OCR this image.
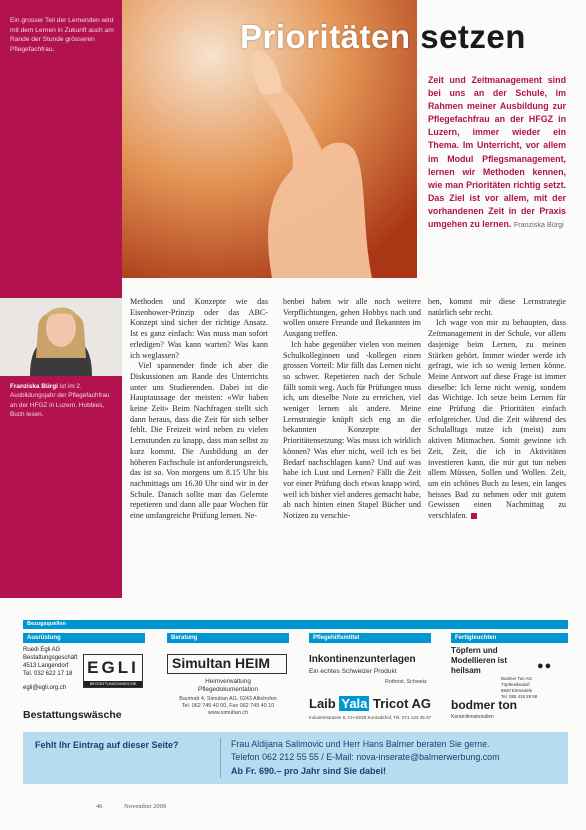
Ein grosser Teil der Lernenden wird mit dem Lernen in Zukunft auch am Rande der Stunde grösseren Pflegefachfrau.
Franziska Bürgi ist im 2. Ausbildungsjahr der Pflegefachfrau an der HFGZ in Luzern. Hobbies, Buch lesen.
Prioritäten setzen
Zeit und Zeitmanagement sind bei uns an der Schule, im Rahmen meiner Ausbildung zur Pflegefachfrau an der HFGZ in Luzern, immer wieder ein Thema. Im Unterricht, vor allem im Modul Pflegsmanagement, lernen wir Methoden kennen, wie man Prioritäten richtig setzt. Das Ziel ist vor allem, mit der vorhandenen Zeit in der Praxis umgehen zu lernen. Franziska Bürgi

Methoden und Konzepte wie das Eisenhower-Prinzip oder das ABC-Konzept sind sicher der richtige Ansatz. Ist es ganz einfach: Was muss man sofort erledigen? Was kann warten? Was kann ich weglassen?

Viel spannender finde ich aber die Diskussionen am Rande des Unterrichts unter uns Studierenden. Dabei ist die Hauptaussage der meisten: «Wir haben keine Zeit» Beim Nachfragen stellt sich dann heraus, dass die Zeit für sich selber fehlt. Die Freizeit wird neben zu vielen Lernstunden zu knapp, dass man selbst zu kurz kommt. Die Ausbildung an der höheren Fachschule ist anforderungsreich, das ist so. Von morgens um 8.15 Uhr bis nachmittags um 16.30 Uhr sind wir in der Schule. Danach sollte man das Gelernte repetieren und dann alle paar Wochen für eine umfangreiche Prüfung lernen. Ne-

benbei haben wir alle noch weitere Verpflichtungen, gehen Hobbys nach und wollen unsere Freunde und Bekannten im Ausgang treffen.

Ich habe gegenüber vielen von meinen Schulkolleginnen und -kollegen einen grossen Vorteil: Mir fällt das Lernen nicht so schwer. Repetieren nach der Schule fällt somit weg. Auch für Prüfungen muss ich, um dieselbe Note zu erreichen, viel weniger lernen als andere. Meine Lernstrategie knüpft sich eng an die bekannten Konzepte der Prioritätensetzung: Was muss ich wirklich können? Was eher nicht, weil ich es bei Bedarf nachschlagen kann? Und auf was habe ich Lust und Lernen? Fällt die Zeit vor einer Prüfung doch etwas knapp wird, weil ich bisher viel anderes gemacht habe, ab nach hinten einen Stapel Bücher und Notizen zu verschie-

ben, kommt mir diese Lernstrategie natürlich sehr recht.

Ich wage von mir zu behaupten, dass Zeitmanagement in der Schule, vor allem dasjenige beim Lernen, zu meinen Stärken gehört. Immer wieder werde ich gefragt, wie ich so wenig lernen könne. Meine Antwort auf diese Frage ist immer dieselbe: Ich lerne nicht wenig, sondern das Wichtige. Ich setze beim Lernen für eine Prüfung die Prioritäten einfach erfolgreicher. Und die Zeit während des Schulalltags nutze ich (meist) zum aktiven Mitmachen. Somit gewinne ich Zeit, Zeit, die ich in Aktivitäten investieren kann, die mir gut tun neben allem Müssen, Sollen und Wollen. Zeit, um ein schönes Buch zu lesen, ein langes heisses Bad zu nehmen oder mit gutem Gewissen einen Nachmittag zu verschlafen.

Bezugsquellen
Ausrüstung	Beratung	Pflegehilfsmittel	Fertigleuchten
Ruedi Egli AG
Bestattungsgeschäft
4513 Langendorf
Tel. 032 622 17 18
egli@egli.org.ch
EGLI
BESTATTUNGSWÄSCHE
Bestattungswäsche
Simultan HEIM
Heimverwaltung
Pflegedokumentation
Baumatt 4, Simultan AG, 6243 Altishofen
Tel. 062 749 40 00, Fax 062 749 40 10
www.simultan.ch
Inkontinenzunterlagen
Ein echtes Schweizer Produkt
Rothrist, Schweiz
Laib Yala Tricot AG
Industriestrasse 5, CH-9248 Konradshof, Tel. 071 123 45 67
Töpfern und
Modellieren ist
heilsam	●●
Bodmer Ton AG
Töpfereibedarf
8840 Einsiedeln
Tel. 055 418 28 58
bodmer ton
Keramikmaterialien
Fehlt Ihr Eintrag auf dieser Seite?	Frau Aldijana Salimovic und Herr Hans Balmer beraten Sie gerne.
Telefon 062 212 55 55 / E-Mail: nova-inserate@balmerwerbung.com
Ab Fr. 690.– pro Jahr sind Sie dabei!
46	November 2009
